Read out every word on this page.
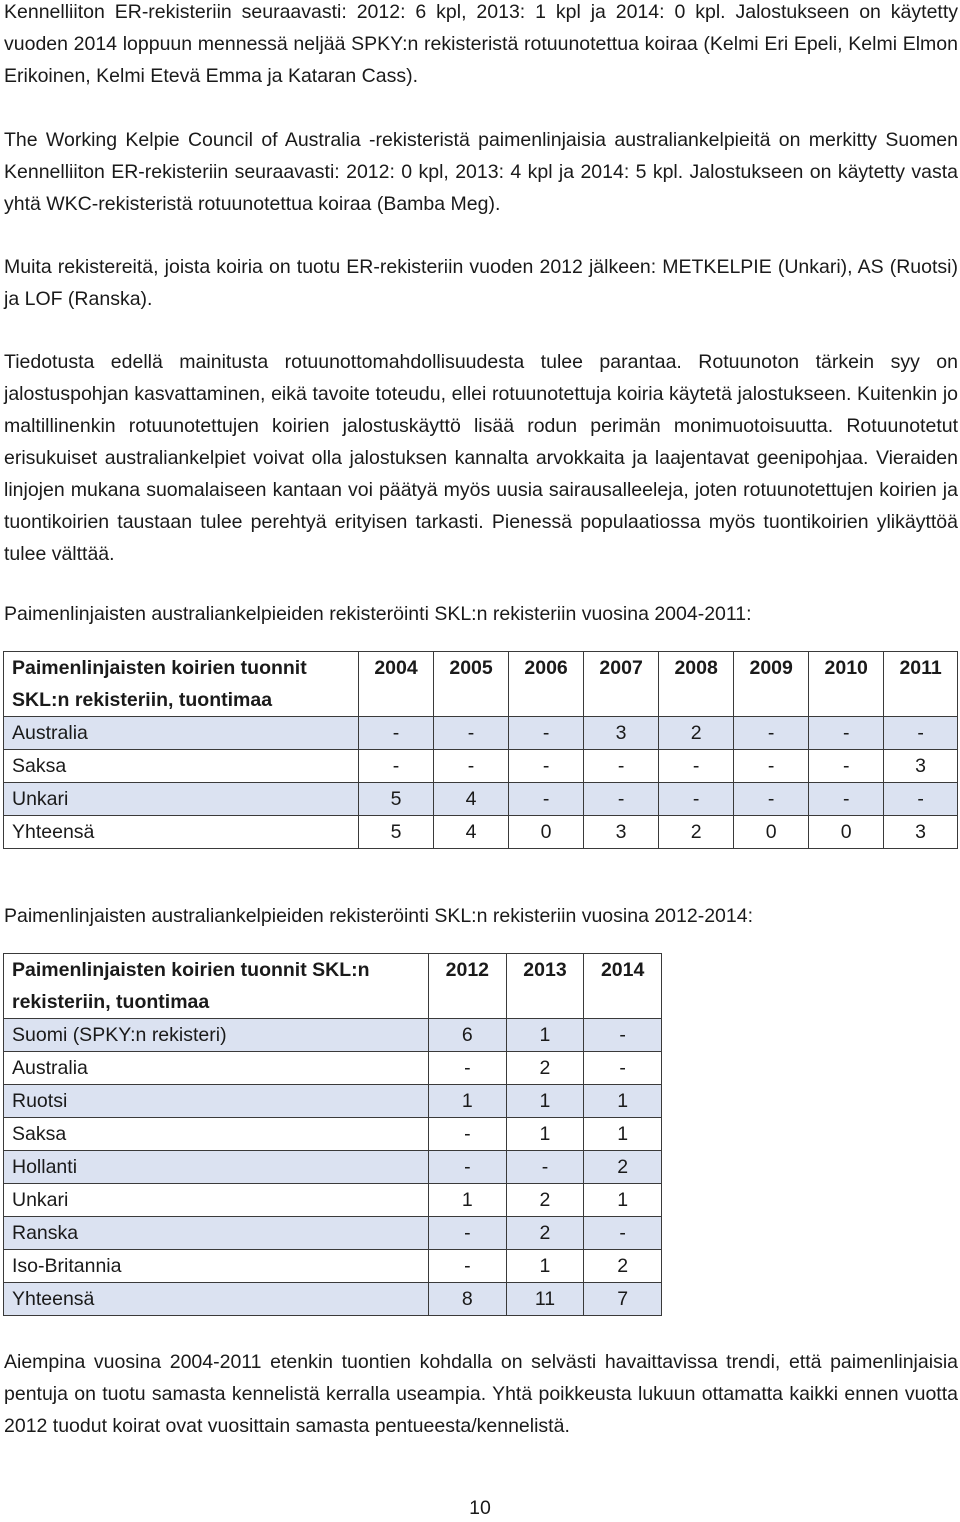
Kennelliiton ER-rekisteriin seuraavasti: 2012: 6 kpl, 2013: 1 kpl ja 2014: 0 kpl. Jalostukseen on käytetty vuoden 2014 loppuun mennessä neljää SPKY:n rekisteristä rotuunotettua koiraa (Kelmi Eri Epeli, Kelmi Elmon Erikoinen, Kelmi Etevä Emma ja Kataran Cass).

The Working Kelpie Council of Australia -rekisteristä paimenlinjaisia australiankelpieitä on merkitty Suomen Kennelliiton ER-rekisteriin seuraavasti: 2012: 0 kpl, 2013: 4 kpl ja 2014: 5 kpl. Jalostukseen on käytetty vasta yhtä WKC-rekisteristä rotuunotettua koiraa (Bamba Meg).

Muita rekistereitä, joista koiria on tuotu ER-rekisteriin vuoden 2012 jälkeen: METKELPIE (Unkari), AS (Ruotsi) ja LOF (Ranska).

Tiedotusta edellä mainitusta rotuunottomahdollisuudesta tulee parantaa. Rotuunoton tärkein syy on jalostuspohjan kasvattaminen, eikä tavoite toteudu, ellei rotuunotettuja koiria käytetä jalostukseen. Kuitenkin jo maltillinenkin rotuunotettujen koirien jalostuskäyttö lisää rodun perimän monimuotoisuutta. Rotuunotetut erisukuiset australiankelpiet voivat olla jalostuksen kannalta arvokkaita ja laajentavat geenipohjaa. Vieraiden linjojen mukana suomalaiseen kantaan voi päätyä myös uusia sairausalleeleja, joten rotuunotettujen koirien ja tuontikoirien taustaan tulee perehtyä erityisen tarkasti. Pienessä populaatiossa myös tuontikoirien ylikäyttöä tulee välttää.

Paimenlinjaisten australiankelpieiden rekisteröinti SKL:n rekisteriin vuosina 2004-2011:

Paimenlinjaisten koirien tuonnit SKL:n rekisteriin, tuontimaa	2004	2005	2006	2007	2008	2009	2010	2011
Australia	-	-	-	3	2	-	-	-
Saksa	-	-	-	-	-	-	-	3
Unkari	5	4	-	-	-	-	-	-
Yhteensä	5	4	0	3	2	0	0	3

Paimenlinjaisten australiankelpieiden rekisteröinti SKL:n rekisteriin vuosina 2012-2014:

Paimenlinjaisten koirien tuonnit SKL:n rekisteriin, tuontimaa	2012	2013	2014
Suomi (SPKY:n rekisteri)	6	1	-
Australia	-	2	-
Ruotsi	1	1	1
Saksa	-	1	1
Hollanti	-	-	2
Unkari	1	2	1
Ranska	-	2	-
Iso-Britannia	-	1	2
Yhteensä	8	11	7

Aiempina vuosina 2004-2011 etenkin tuontien kohdalla on selvästi havaittavissa trendi, että paimenlinjaisia pentuja on tuotu samasta kennelistä kerralla useampia. Yhtä poikkeusta lukuun ottamatta kaikki ennen vuotta 2012 tuodut koirat ovat vuosittain samasta pentueesta/kennelistä.

10
